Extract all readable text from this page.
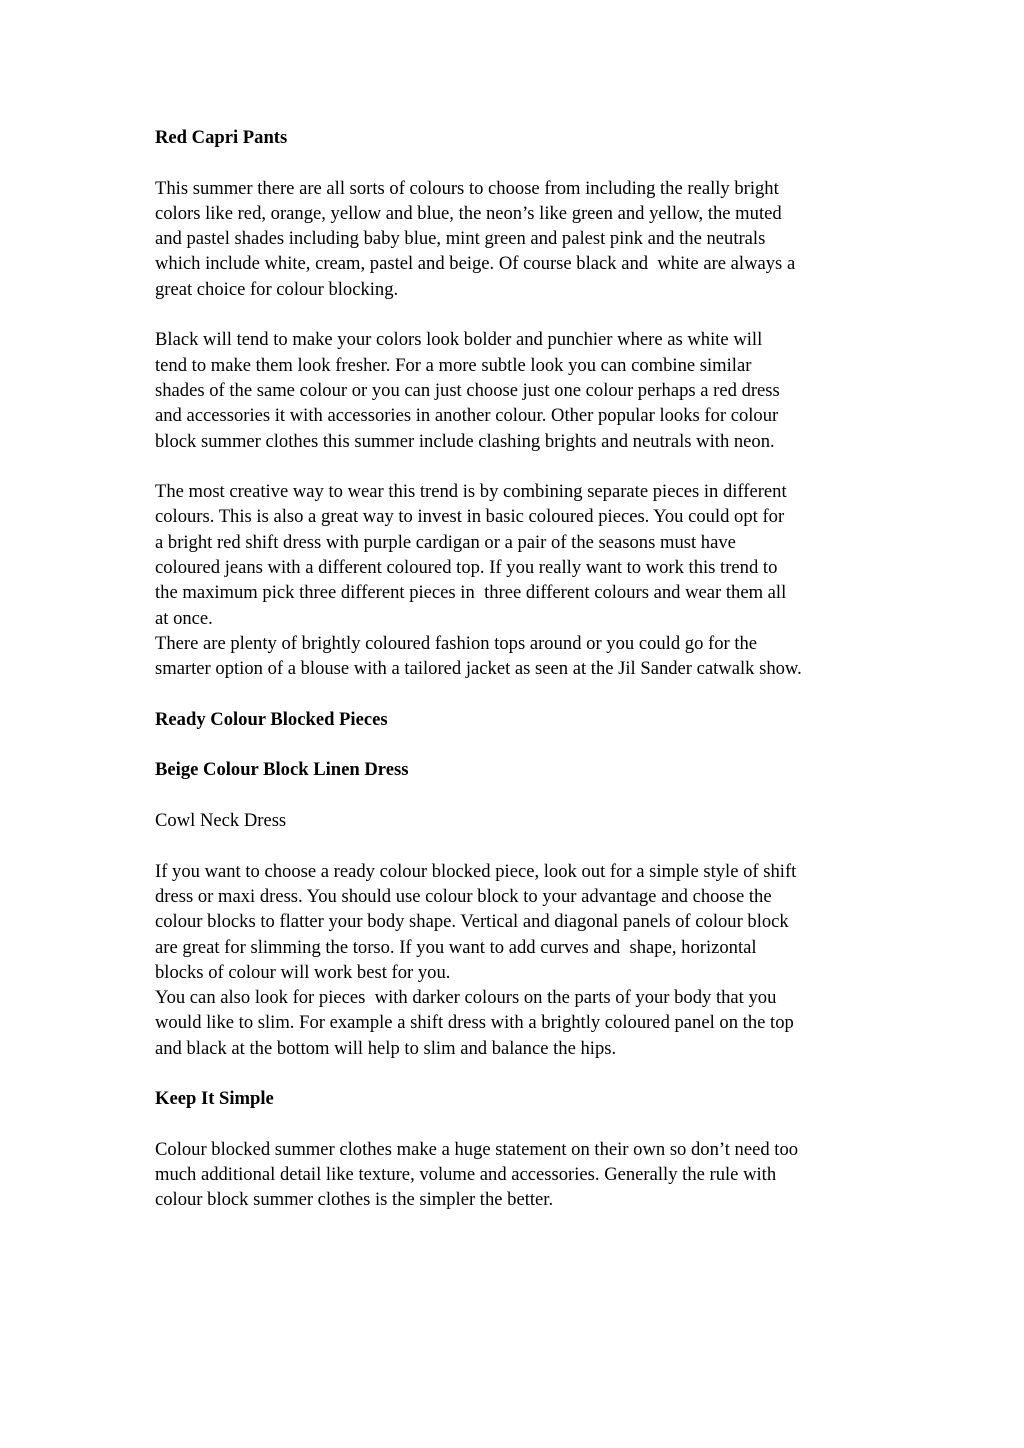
Red Capri Pants
This summer there are all sorts of colours to choose from including the really bright
colors like red, orange, yellow and blue, the neon’s like green and yellow, the muted
and pastel shades including baby blue, mint green and palest pink and the neutrals
which include white, cream, pastel and beige. Of course black and  white are always a
great choice for colour blocking.
Black will tend to make your colors look bolder and punchier where as white will
tend to make them look fresher. For a more subtle look you can combine similar
shades of the same colour or you can just choose just one colour perhaps a red dress
and accessories it with accessories in another colour. Other popular looks for colour
block summer clothes this summer include clashing brights and neutrals with neon.
The most creative way to wear this trend is by combining separate pieces in different
colours. This is also a great way to invest in basic coloured pieces. You could opt for
a bright red shift dress with purple cardigan or a pair of the seasons must have
coloured jeans with a different coloured top. If you really want to work this trend to
the maximum pick three different pieces in  three different colours and wear them all
at once.
There are plenty of brightly coloured fashion tops around or you could go for the
smarter option of a blouse with a tailored jacket as seen at the Jil Sander catwalk show.
Ready Colour Blocked Pieces
Beige Colour Block Linen Dress
Cowl Neck Dress
If you want to choose a ready colour blocked piece, look out for a simple style of shift
dress or maxi dress. You should use colour block to your advantage and choose the
colour blocks to flatter your body shape. Vertical and diagonal panels of colour block
are great for slimming the torso. If you want to add curves and  shape, horizontal
blocks of colour will work best for you.
You can also look for pieces  with darker colours on the parts of your body that you
would like to slim. For example a shift dress with a brightly coloured panel on the top
and black at the bottom will help to slim and balance the hips.
Keep It Simple
Colour blocked summer clothes make a huge statement on their own so don’t need too
much additional detail like texture, volume and accessories. Generally the rule with
colour block summer clothes is the simpler the better.
